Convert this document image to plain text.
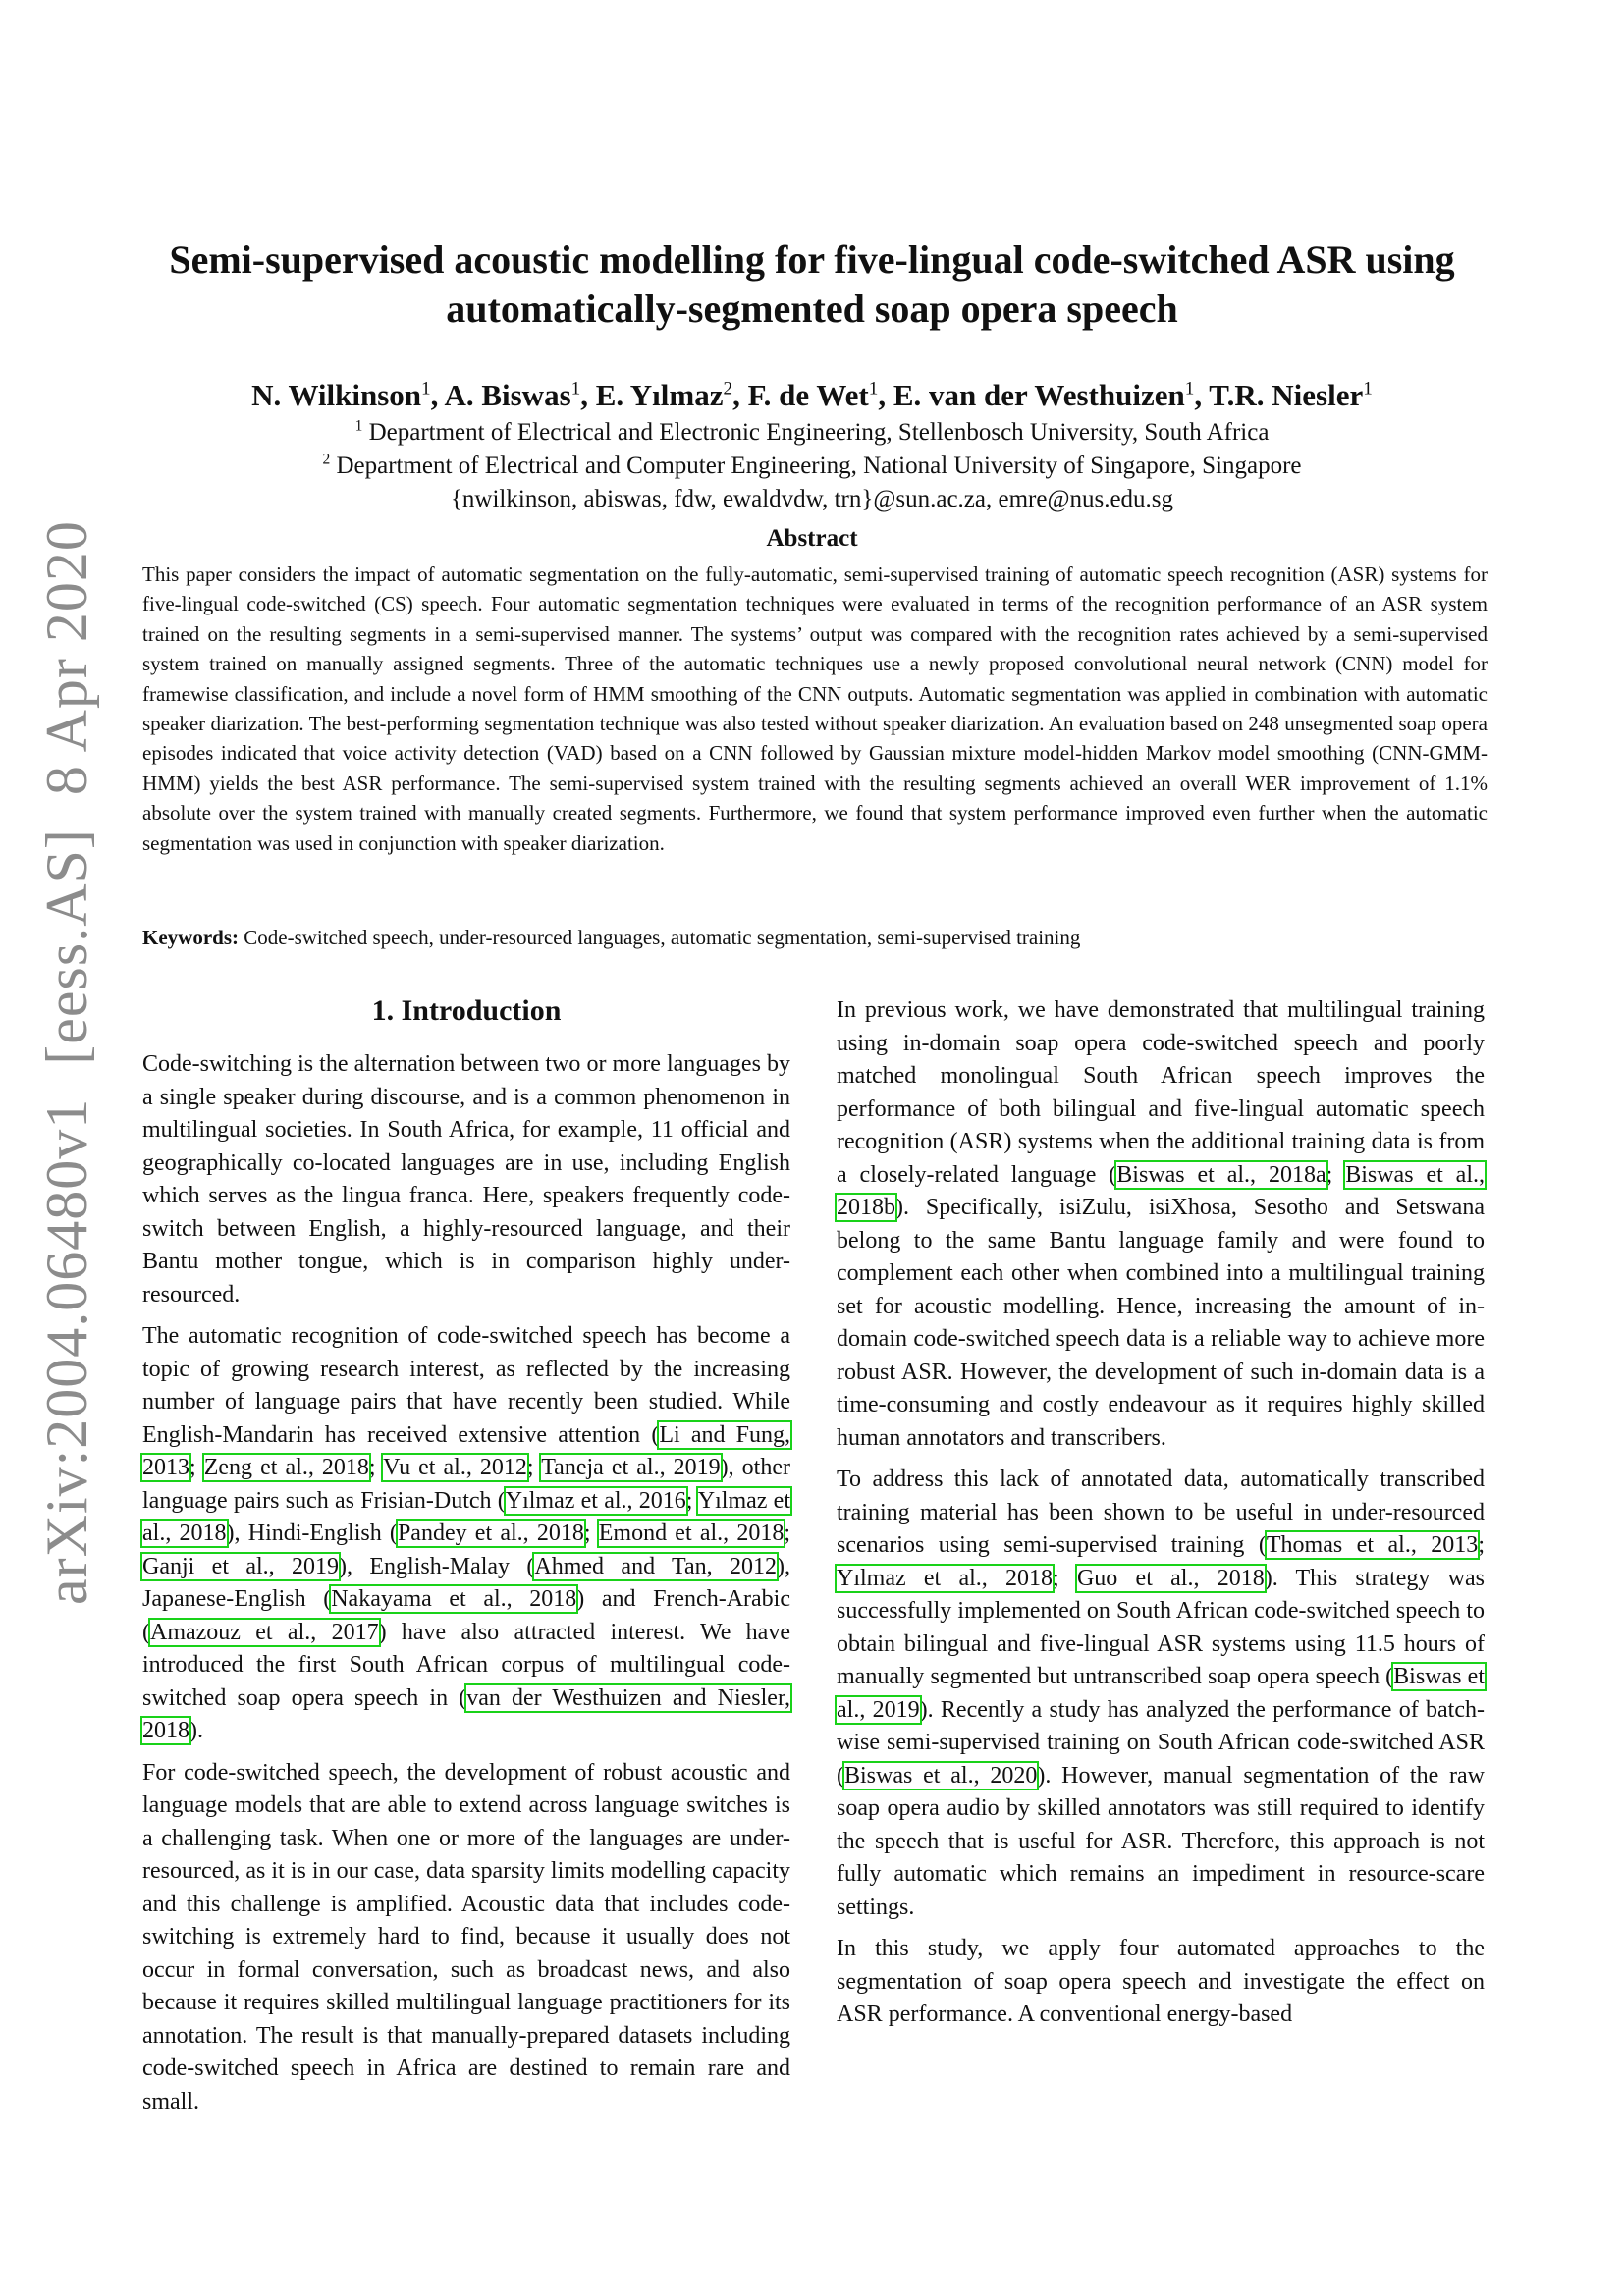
arXiv:2004.06480v1[eess.AS]8 Apr 2020
Semi-supervised acoustic modelling for five-lingual code-switched ASR using
automatically-segmented soap opera speech
N. Wilkinson$^1$, A. Biswas$^1$, E. Yılmaz$^2$, F. de Wet$^1$, E. van der Westhuizen$^1$, T.R. Niesler$^1$
$^1$ Department of Electrical and Electronic Engineering, Stellenbosch University, South Africa
$^2$ Department of Electrical and Computer Engineering, National University of Singapore, Singapore
{nwilkinson, abiswas, fdw, ewaldvdw, trn}@sun.ac.za, emre@nus.edu.sg
Abstract
This paper considers the impact of automatic segmentation on the fully-automatic, semi-supervised training of automatic speech recognition (ASR) systems for five-lingual code-switched (CS) speech. Four automatic segmentation techniques were evaluated in terms of the recognition performance of an ASR system trained on the resulting segments in a semi-supervised manner. The systems’ output was compared with the recognition rates achieved by a semi-supervised system trained on manually assigned segments. Three of the automatic techniques use a newly proposed convolutional neural network (CNN) model for framewise classification, and include a novel form of HMM smoothing of the CNN outputs. Automatic segmentation was applied in combination with automatic speaker diarization. The best-performing segmentation technique was also tested without speaker diarization. An evaluation based on 248 unsegmented soap opera episodes indicated that voice activity detection (VAD) based on a CNN followed by Gaussian mixture model-hidden Markov model smoothing (CNN-GMM-HMM) yields the best ASR performance. The semi-supervised system trained with the resulting segments achieved an overall WER improvement of 1.1% absolute over the system trained with manually created segments. Furthermore, we found that system performance improved even further when the automatic segmentation was used in conjunction with speaker diarization.
Keywords: Code-switched speech, under-resourced languages, automatic segmentation, semi-supervised training
1. Introduction

Code-switching is the alternation between two or more languages by a single speaker during discourse, and is a common phenomenon in multilingual societies. In South Africa, for example, 11 official and geographically co-located languages are in use, including English which serves as the lingua franca. Here, speakers frequently code-switch between English, a highly-resourced language, and their Bantu mother tongue, which is in comparison highly under-resourced.

The automatic recognition of code-switched speech has become a topic of growing research interest, as reflected by the increasing number of language pairs that have recently been studied. While English-Mandarin has received extensive attention (Li and Fung, 2013; Zeng et al., 2018; Vu et al., 2012; Taneja et al., 2019), other language pairs such as Frisian-Dutch (Yılmaz et al., 2016; Yılmaz et al., 2018), Hindi-English (Pandey et al., 2018; Emond et al., 2018; Ganji et al., 2019), English-Malay (Ahmed and Tan, 2012), Japanese-English (Nakayama et al., 2018) and French-Arabic (Amazouz et al., 2017) have also attracted interest. We have introduced the first South African corpus of multilingual code-switched soap opera speech in (van der Westhuizen and Niesler, 2018).

For code-switched speech, the development of robust acoustic and language models that are able to extend across language switches is a challenging task. When one or more of the languages are under-resourced, as it is in our case, data sparsity limits modelling capacity and this challenge is amplified. Acoustic data that includes code-switching is extremely hard to find, because it usually does not occur in formal conversation, such as broadcast news, and also because it requires skilled multilingual language practitioners for its annotation. The result is that manually-prepared datasets including code-switched speech in Africa are destined to remain rare and small.

In previous work, we have demonstrated that multilingual training using in-domain soap opera code-switched speech and poorly matched monolingual South African speech improves the performance of both bilingual and five-lingual automatic speech recognition (ASR) systems when the additional training data is from a closely-related language (Biswas et al., 2018a; Biswas et al., 2018b). Specifically, isiZulu, isiXhosa, Sesotho and Setswana belong to the same Bantu language family and were found to complement each other when combined into a multilingual training set for acoustic modelling. Hence, increasing the amount of in-domain code-switched speech data is a reliable way to achieve more robust ASR. However, the development of such in-domain data is a time-consuming and costly endeavour as it requires highly skilled human annotators and transcribers.

To address this lack of annotated data, automatically transcribed training material has been shown to be useful in under-resourced scenarios using semi-supervised training (Thomas et al., 2013; Yılmaz et al., 2018; Guo et al., 2018). This strategy was successfully implemented on South African code-switched speech to obtain bilingual and five-lingual ASR systems using 11.5 hours of manually segmented but untranscribed soap opera speech (Biswas et al., 2019). Recently a study has analyzed the performance of batch-wise semi-supervised training on South African code-switched ASR (Biswas et al., 2020). However, manual segmentation of the raw soap opera audio by skilled annotators was still required to identify the speech that is useful for ASR. Therefore, this approach is not fully automatic which remains an impediment in resource-scare settings.

In this study, we apply four automated approaches to the segmentation of soap opera speech and investigate the effect on ASR performance. A conventional energy-based
